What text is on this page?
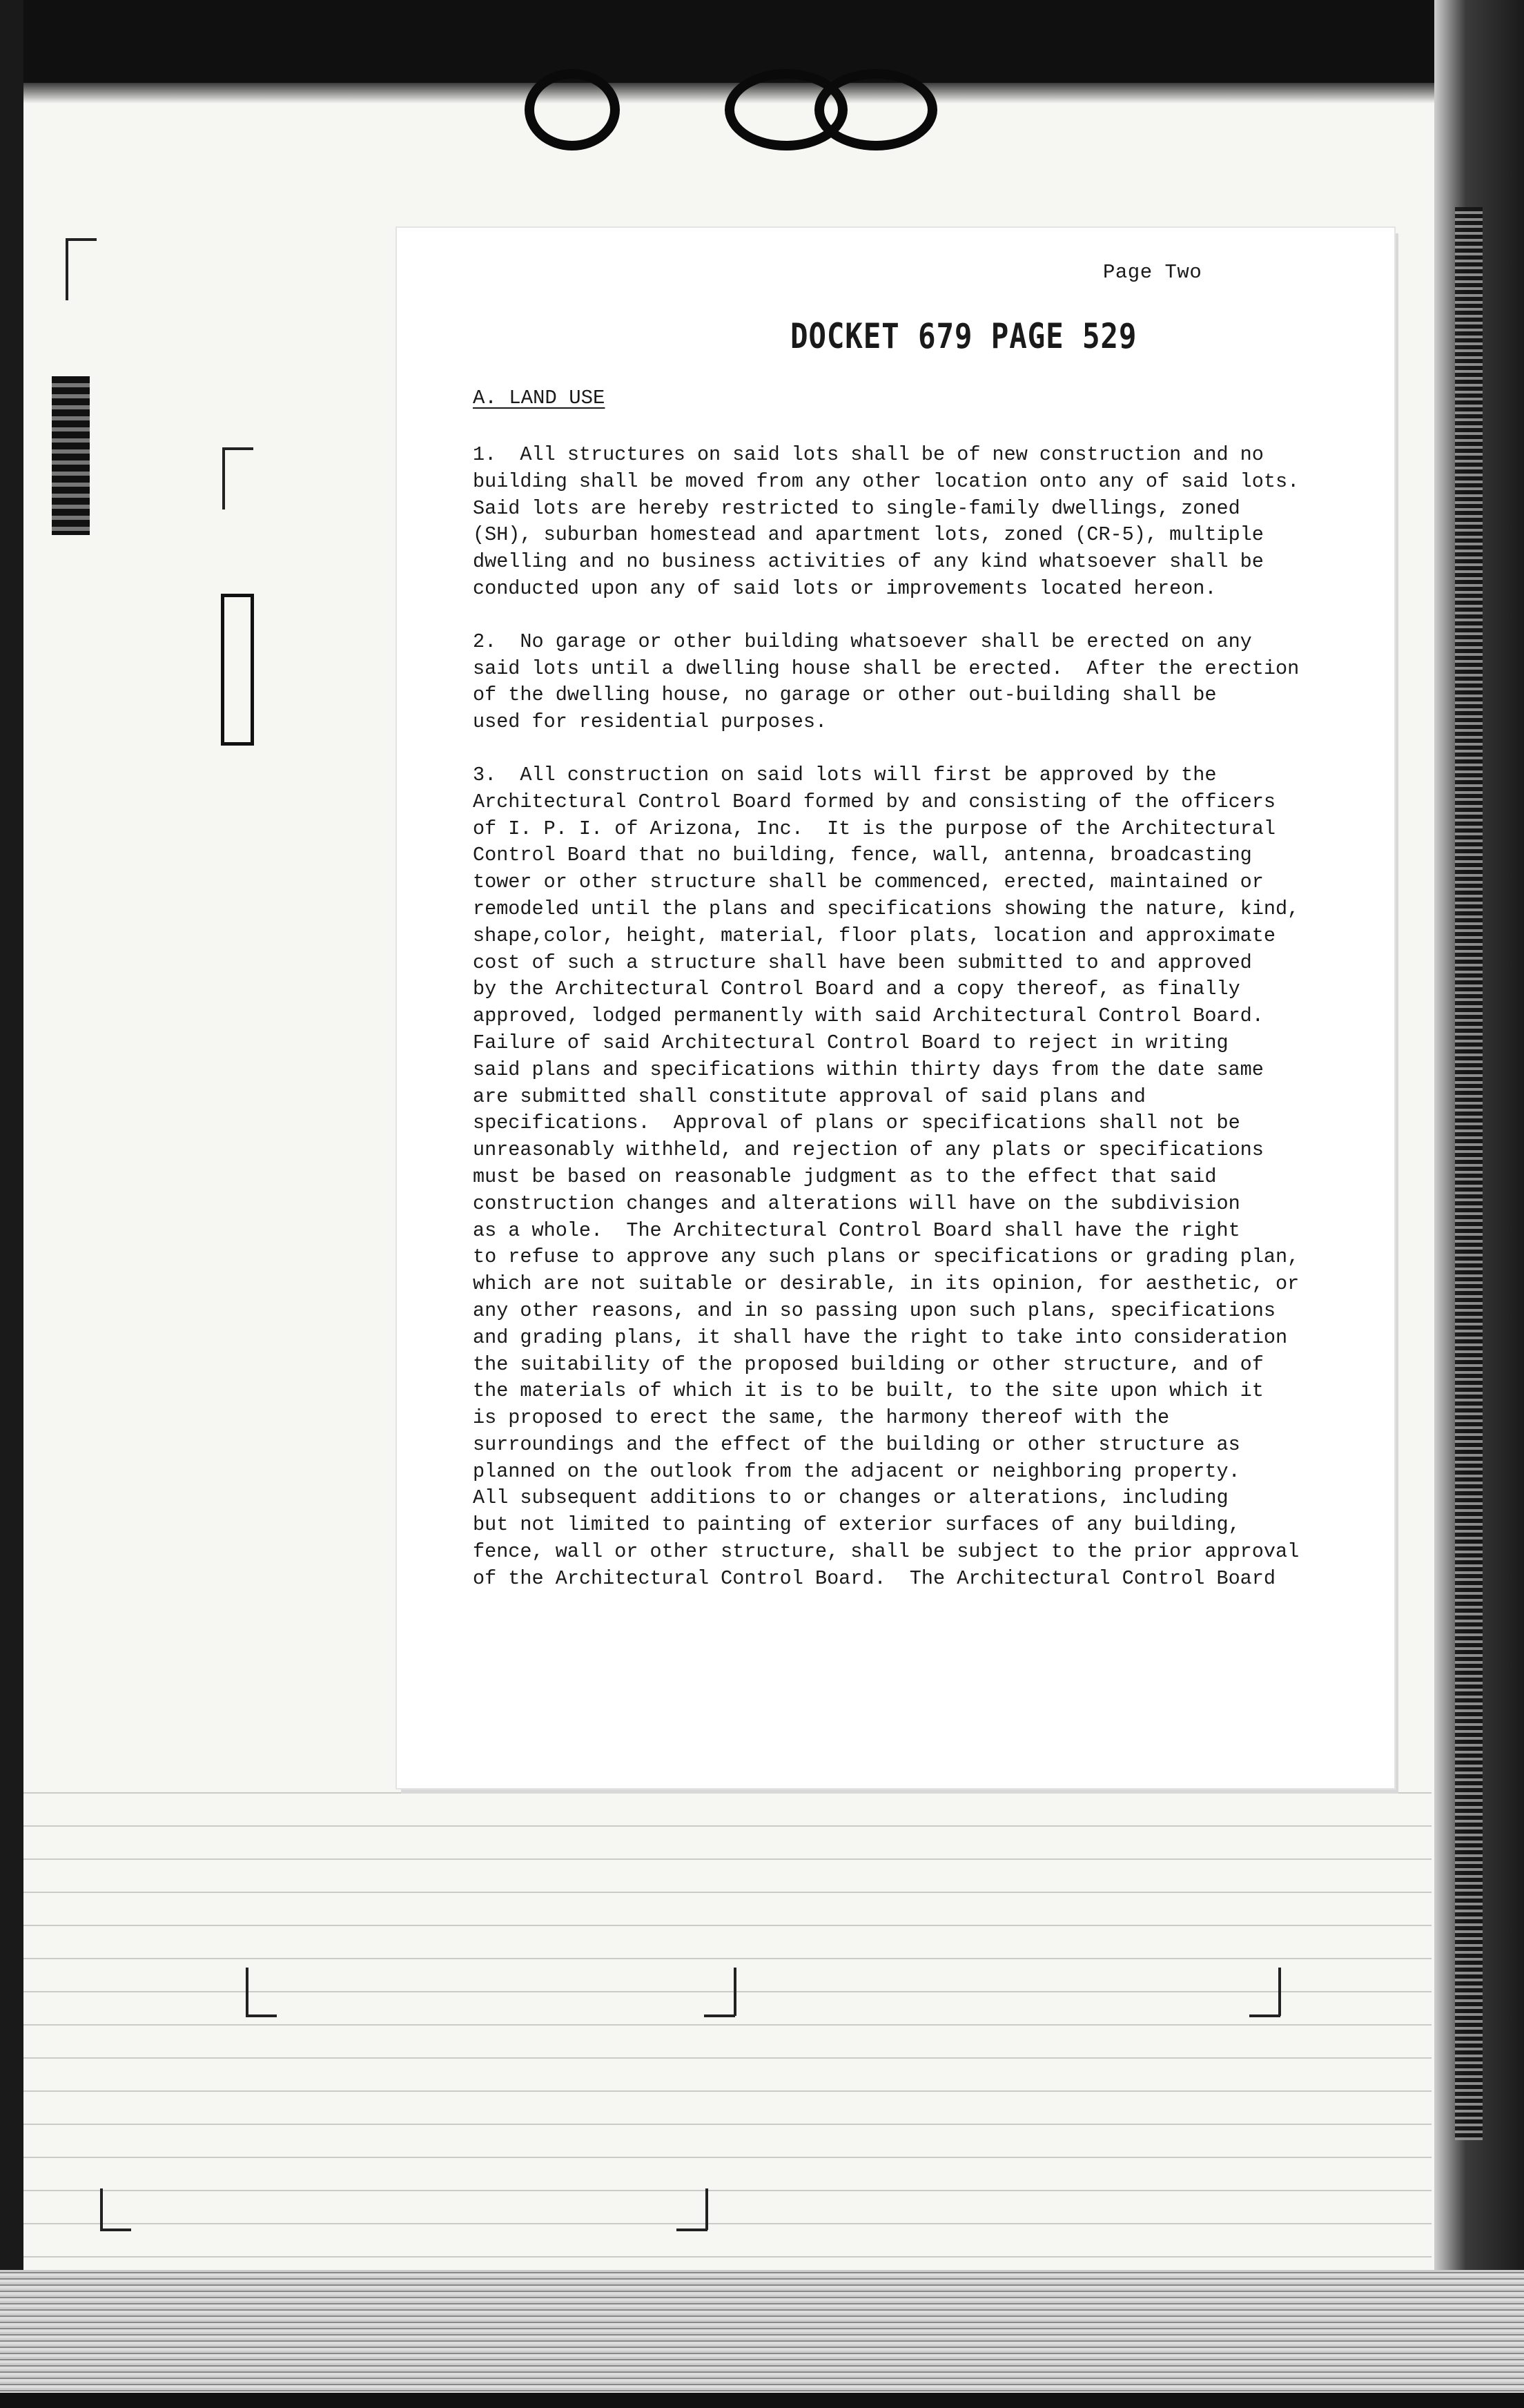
Page Two
DOCKET 679 PAGE 529
A. LAND USE
1.  All structures on said lots shall be of new construction and no
building shall be moved from any other location onto any of said lots.
Said lots are hereby restricted to single-family dwellings, zoned
(SH), suburban homestead and apartment lots, zoned (CR-5), multiple
dwelling and no business activities of any kind whatsoever shall be
conducted upon any of said lots or improvements located hereon.
2.  No garage or other building whatsoever shall be erected on any
said lots until a dwelling house shall be erected.  After the erection
of the dwelling house, no garage or other out-building shall be
used for residential purposes.
3.  All construction on said lots will first be approved by the
Architectural Control Board formed by and consisting of the officers
of I. P. I. of Arizona, Inc.  It is the purpose of the Architectural
Control Board that no building, fence, wall, antenna, broadcasting
tower or other structure shall be commenced, erected, maintained or
remodeled until the plans and specifications showing the nature, kind,
shape,color, height, material, floor plats, location and approximate
cost of such a structure shall have been submitted to and approved
by the Architectural Control Board and a copy thereof, as finally
approved, lodged permanently with said Architectural Control Board.
Failure of said Architectural Control Board to reject in writing
said plans and specifications within thirty days from the date same
are submitted shall constitute approval of said plans and
specifications.  Approval of plans or specifications shall not be
unreasonably withheld, and rejection of any plats or specifications
must be based on reasonable judgment as to the effect that said
construction changes and alterations will have on the subdivision
as a whole.  The Architectural Control Board shall have the right
to refuse to approve any such plans or specifications or grading plan,
which are not suitable or desirable, in its opinion, for aesthetic, or
any other reasons, and in so passing upon such plans, specifications
and grading plans, it shall have the right to take into consideration
the suitability of the proposed building or other structure, and of
the materials of which it is to be built, to the site upon which it
is proposed to erect the same, the harmony thereof with the
surroundings and the effect of the building or other structure as
planned on the outlook from the adjacent or neighboring property.
All subsequent additions to or changes or alterations, including
but not limited to painting of exterior surfaces of any building,
fence, wall or other structure, shall be subject to the prior approval
of the Architectural Control Board.  The Architectural Control Board
